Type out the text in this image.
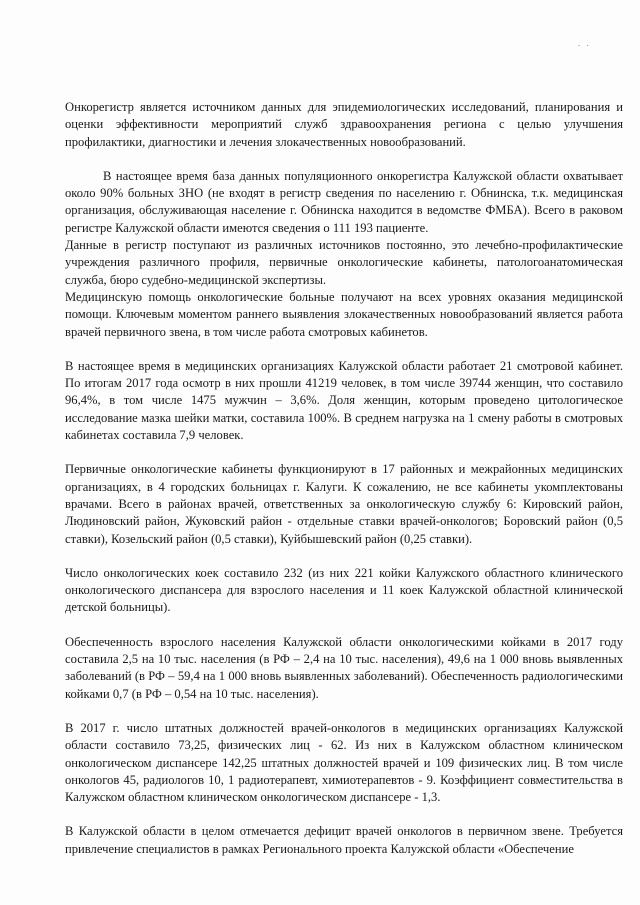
. .

Онкорегистр является источником данных для эпидемиологических исследований, планирования и оценки эффективности мероприятий служб здравоохранения региона с целью улучшения профилактики, диагностики и лечения злокачественных новообразований.

В настоящее время база данных популяционного онкорегистра Калужской области охватывает около 90% больных ЗНО (не входят в регистр сведения по населению г. Обнинска, т.к. медицинская организация, обслуживающая население г. Обнинска находится в ведомстве ФМБА). Всего в раковом регистре Калужской области имеются сведения о 111 193 пациенте.

Данные в регистр поступают из различных источников постоянно, это лечебно-профилактические учреждения различного профиля, первичные онкологические кабинеты, патологоанатомическая служба, бюро судебно-медицинской экспертизы.

Медицинскую помощь онкологические больные получают на всех уровнях оказания медицинской помощи. Ключевым моментом раннего выявления злокачественных новообразований является работа врачей первичного звена, в том числе работа смотровых кабинетов.

В настоящее время в медицинских организациях Калужской области работает 21 смотровой кабинет. По итогам 2017 года осмотр в них прошли 41219 человек, в том числе 39744 женщин, что составило 96,4%, в том числе 1475 мужчин – 3,6%. Доля женщин, которым проведено цитологическое исследование мазка шейки матки, составила 100%. В среднем нагрузка на 1 смену работы в смотровых кабинетах составила 7,9 человек.

Первичные онкологические кабинеты функционируют в 17 районных и межрайонных медицинских организациях, в 4 городских больницах г. Калуги. К сожалению, не все кабинеты укомплектованы врачами. Всего в районах врачей, ответственных за онкологическую службу 6: Кировский район, Людиновский район, Жуковский район - отдельные ставки врачей-онкологов; Боровский район (0,5 ставки), Козельский район (0,5 ставки), Куйбышевский район (0,25 ставки).

Число онкологических коек составило 232 (из них 221 койки Калужского областного клинического онкологического диспансера для взрослого населения и 11 коек Калужской областной клинической детской больницы).

Обеспеченность взрослого населения Калужской области онкологическими койками в 2017 году составила 2,5 на 10 тыс. населения (в РФ – 2,4 на 10 тыс. населения), 49,6 на 1 000 вновь выявленных заболеваний (в РФ – 59,4 на 1 000 вновь выявленных заболеваний). Обеспеченность радиологическими койками 0,7 (в РФ – 0,54 на 10 тыс. населения).

В 2017 г. число штатных должностей врачей-онкологов в медицинских организациях Калужской области составило 73,25, физических лиц - 62. Из них в Калужском областном клиническом онкологическом диспансере 142,25 штатных должностей врачей и 109 физических лиц. В том числе онкологов 45, радиологов 10, 1 радиотерапевт, химиотерапевтов - 9. Коэффициент совместительства в Калужском областном клиническом онкологическом диспансере - 1,3.

В Калужской области в целом отмечается дефицит врачей онкологов в первичном звене. Требуется привлечение специалистов в рамках Регионального проекта Калужской области «Обеспечение
